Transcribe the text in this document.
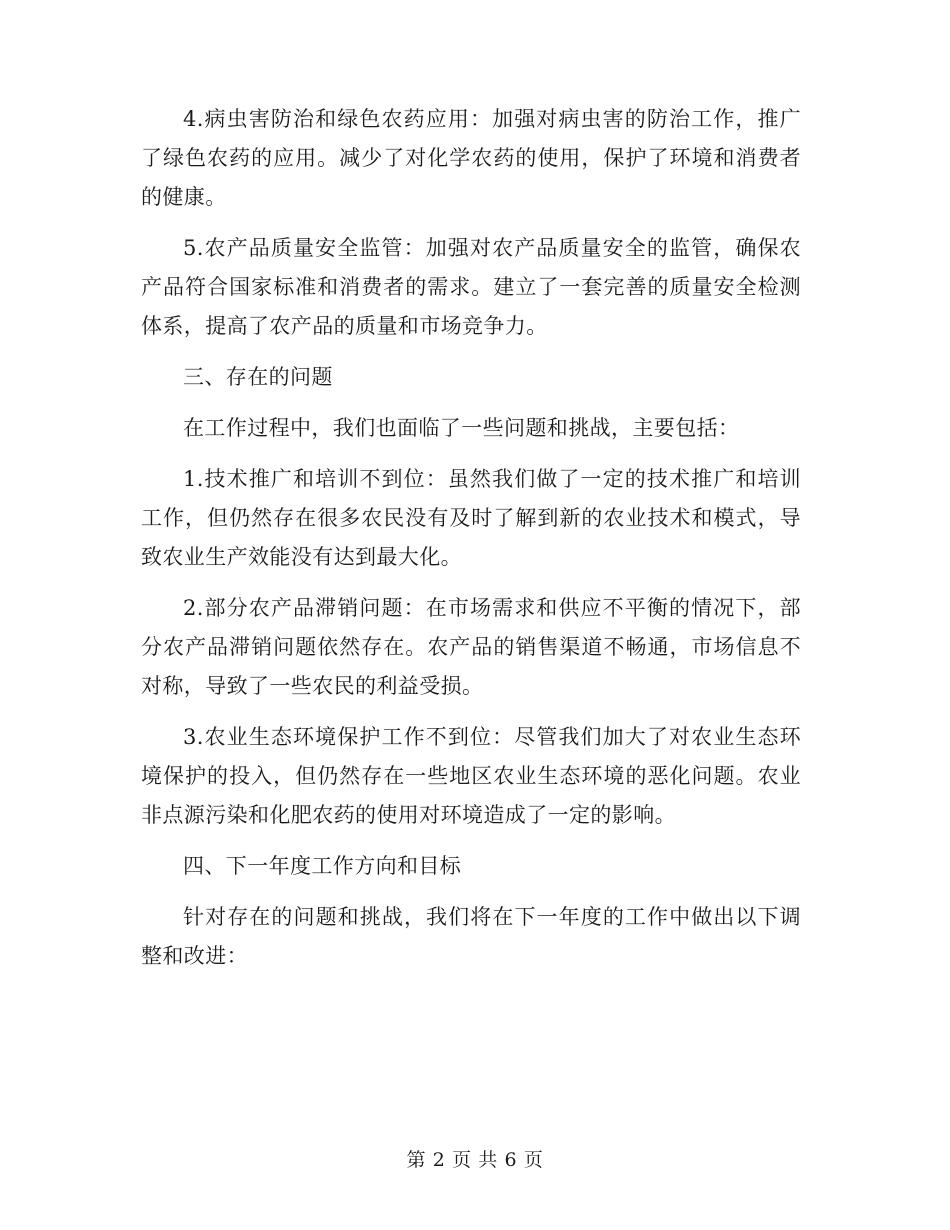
4.病虫害防治和绿色农药应用：加强对病虫害的防治工作，推广了绿色农药的应用。减少了对化学农药的使用，保护了环境和消费者的健康。

5.农产品质量安全监管：加强对农产品质量安全的监管，确保农产品符合国家标准和消费者的需求。建立了一套完善的质量安全检测体系，提高了农产品的质量和市场竞争力。

三、存在的问题

在工作过程中，我们也面临了一些问题和挑战，主要包括：

1.技术推广和培训不到位：虽然我们做了一定的技术推广和培训工作，但仍然存在很多农民没有及时了解到新的农业技术和模式，导致农业生产效能没有达到最大化。

2.部分农产品滞销问题：在市场需求和供应不平衡的情况下，部分农产品滞销问题依然存在。农产品的销售渠道不畅通，市场信息不对称，导致了一些农民的利益受损。

3.农业生态环境保护工作不到位：尽管我们加大了对农业生态环境保护的投入，但仍然存在一些地区农业生态环境的恶化问题。农业非点源污染和化肥农药的使用对环境造成了一定的影响。

四、下一年度工作方向和目标

针对存在的问题和挑战，我们将在下一年度的工作中做出以下调整和改进：

第 2 页 共 6 页
